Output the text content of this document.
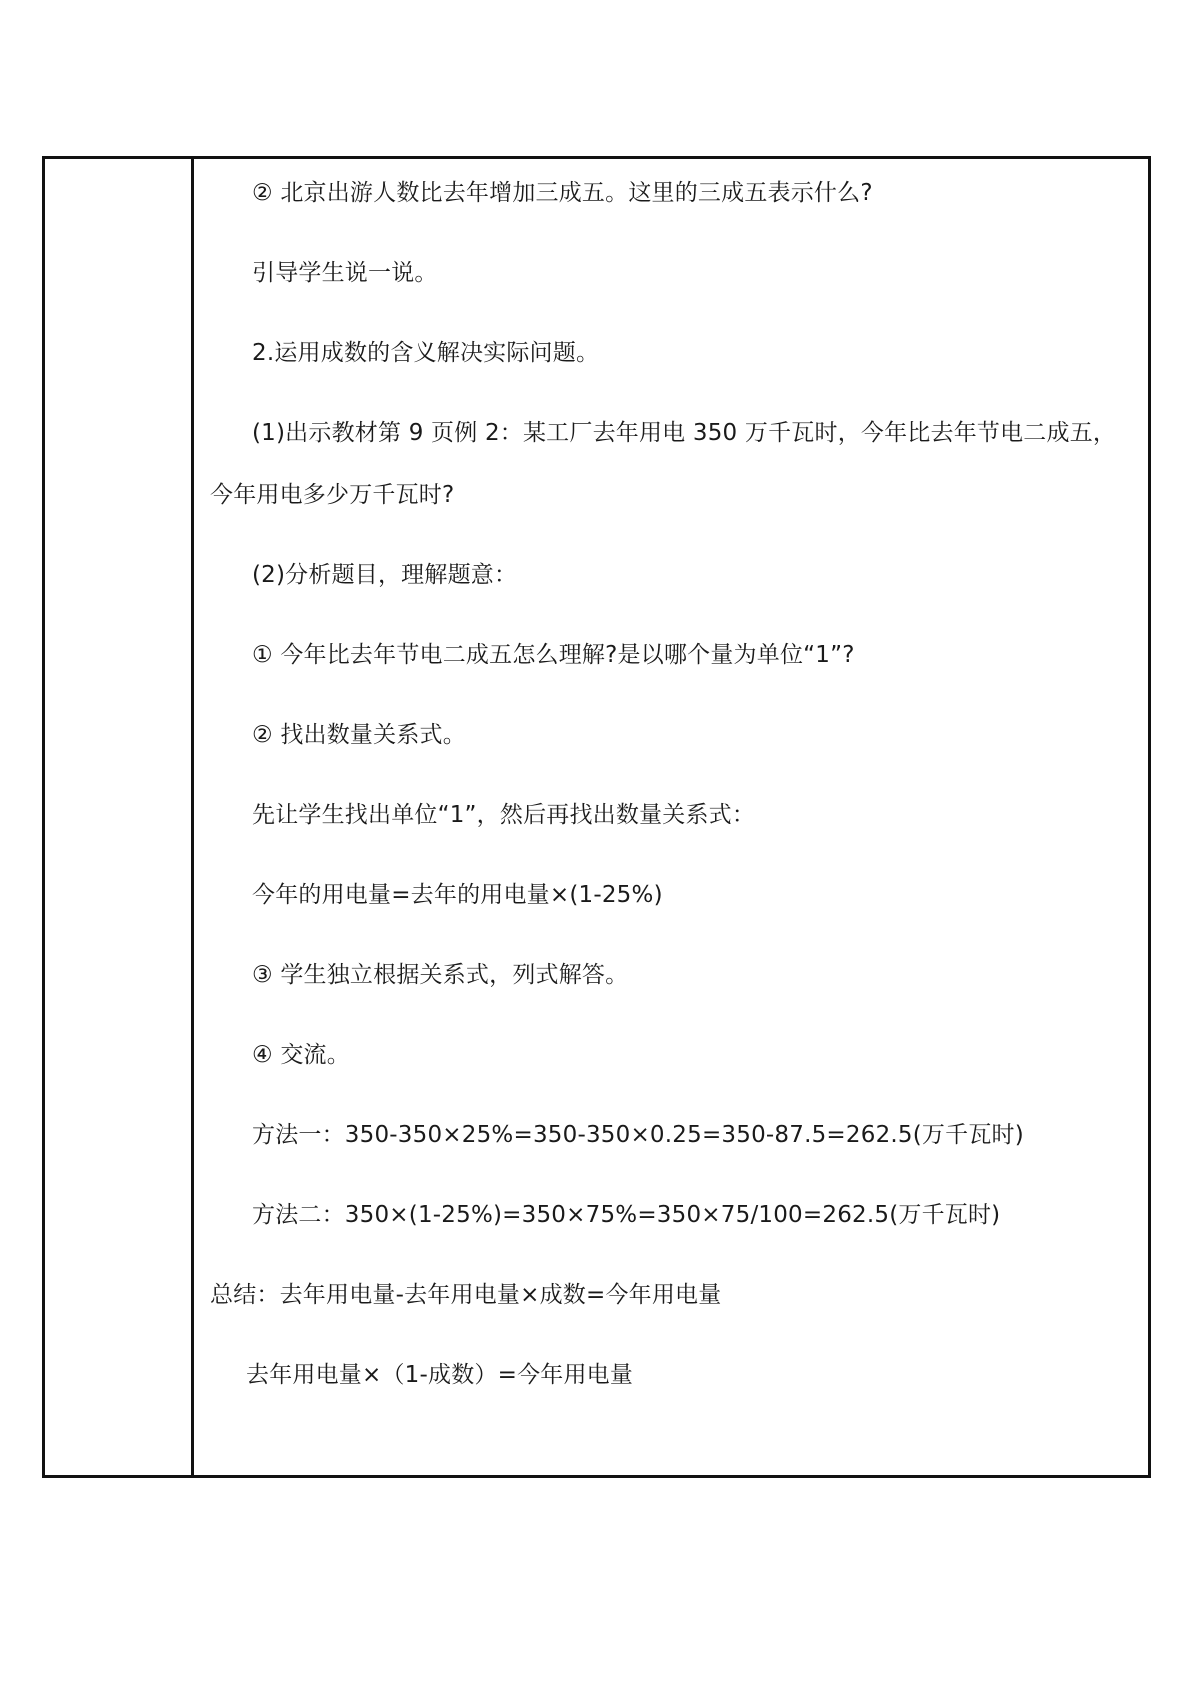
② 北京出游人数比去年增加三成五。这里的三成五表示什么?
引导学生说一说。
2.运用成数的含义解决实际问题。
(1)出示教材第 9 页例 2：某工厂去年用电 350 万千瓦时，今年比去年节电二成五，
今年用电多少万千瓦时?
(2)分析题目，理解题意：
① 今年比去年节电二成五怎么理解?是以哪个量为单位“1”?
② 找出数量关系式。
先让学生找出单位“1”，然后再找出数量关系式：
今年的用电量=去年的用电量×(1-25%)
③ 学生独立根据关系式，列式解答。
④ 交流。
方法一：350-350×25%=350-350×0.25=350-87.5=262.5(万千瓦时)
方法二：350×(1-25%)=350×75%=350×75/100=262.5(万千瓦时)
总结：去年用电量-去年用电量×成数=今年用电量
去年用电量×（1-成数）=今年用电量
